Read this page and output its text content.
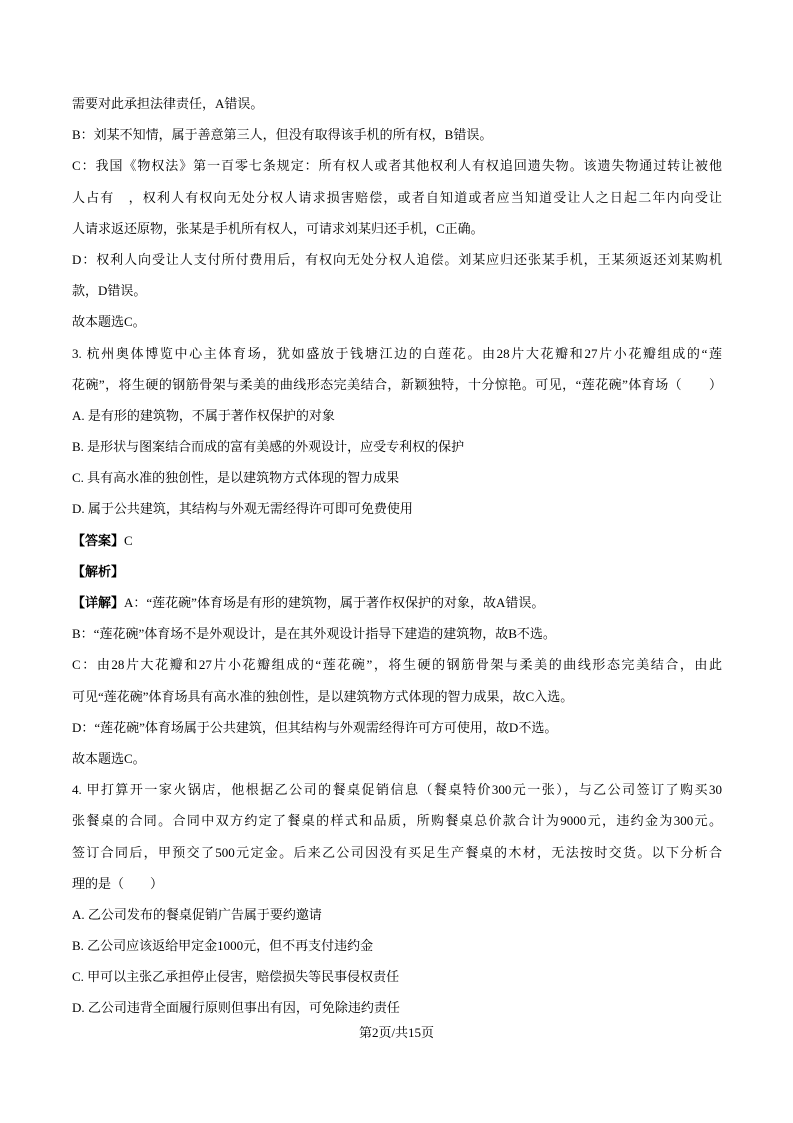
需要对此承担法律责任，A错误。
B：刘某不知情，属于善意第三人，但没有取得该手机的所有权，B错误。
C：我国《物权法》第一百零七条规定：所有权人或者其他权利人有权追回遗失物。该遗失物通过转让被他
人占有　，权利人有权向无处分权人请求损害赔偿，或者自知道或者应当知道受让人之日起二年内向受让
人请求返还原物，张某是手机所有权人，可请求刘某归还手机，C正确。
D：权利人向受让人支付所付费用后，有权向无处分权人追偿。刘某应归还张某手机，王某须返还刘某购机
款，D错误。
故本题选C。
3. 杭州奥体博览中心主体育场，犹如盛放于钱塘江边的白莲花。由28片大花瓣和27片小花瓣组成的“莲
花碗”，将生硬的钢筋骨架与柔美的曲线形态完美结合，新颖独特，十分惊艳。可见，“莲花碗”体育场（　　）
A. 是有形的建筑物，不属于著作权保护的对象
B. 是形状与图案结合而成的富有美感的外观设计，应受专利权的保护
C. 具有高水准的独创性，是以建筑物方式体现的智力成果
D. 属于公共建筑，其结构与外观无需经得许可即可免费使用
【答案】C
【解析】
【详解】A：“莲花碗”体育场是有形的建筑物，属于著作权保护的对象，故A错误。
B：“莲花碗”体育场不是外观设计，是在其外观设计指导下建造的建筑物，故B不选。
C：由28片大花瓣和27片小花瓣组成的“莲花碗”，将生硬的钢筋骨架与柔美的曲线形态完美结合，由此
可见“莲花碗”体育场具有高水准的独创性，是以建筑物方式体现的智力成果，故C入选。
D：“莲花碗”体育场属于公共建筑，但其结构与外观需经得许可方可使用，故D不选。
故本题选C。
4. 甲打算开一家火锅店，他根据乙公司的餐桌促销信息（餐桌特价300元一张），与乙公司签订了购买30
张餐桌的合同。合同中双方约定了餐桌的样式和品质，所购餐桌总价款合计为9000元，违约金为300元。
签订合同后，甲预交了500元定金。后来乙公司因没有买足生产餐桌的木材，无法按时交货。以下分析合
理的是（　　）
A. 乙公司发布的餐桌促销广告属于要约邀请
B. 乙公司应该返给甲定金1000元，但不再支付违约金
C. 甲可以主张乙承担停止侵害，赔偿损失等民事侵权责任
D. 乙公司违背全面履行原则但事出有因，可免除违约责任
第2页/共15页
